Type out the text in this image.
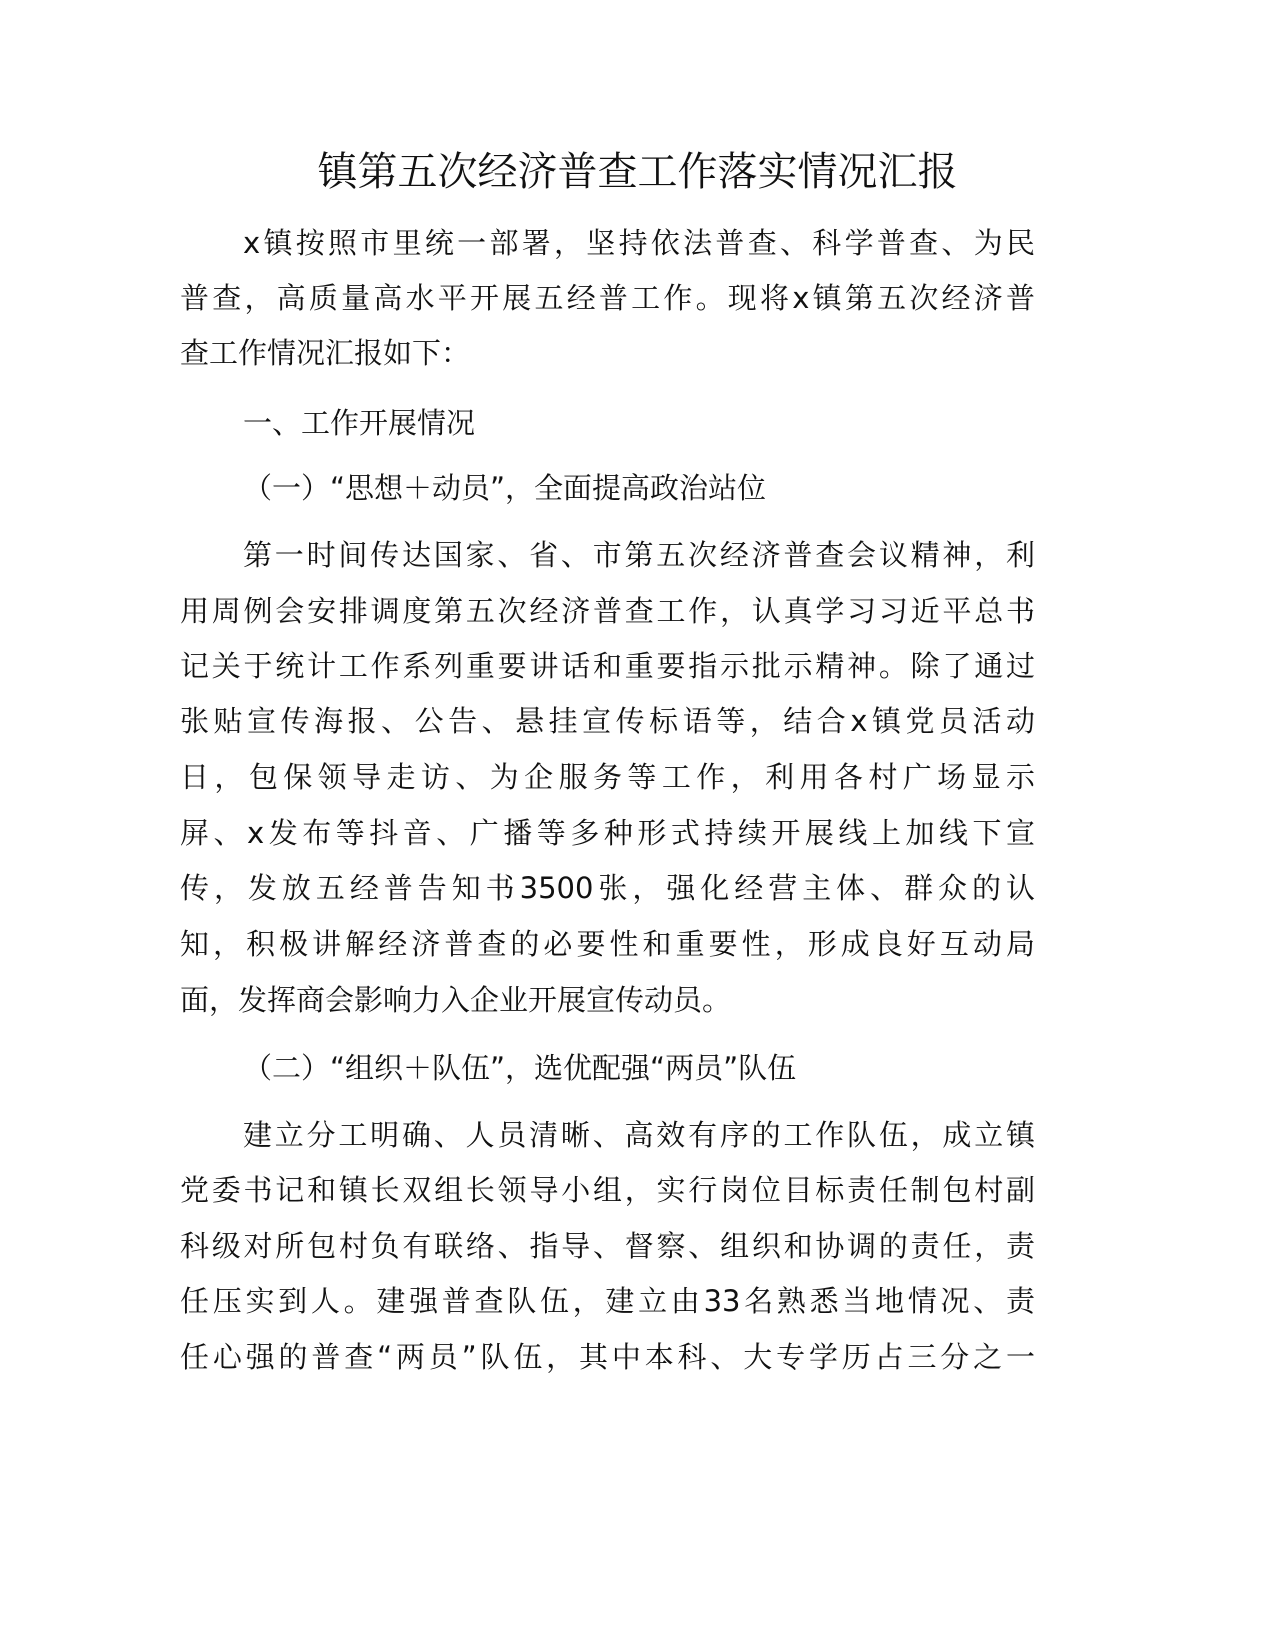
镇第五次经济普查工作落实情况汇报
x镇按照市里统一部署，坚持依法普查、科学普查、为民
普查，高质量高水平开展五经普工作。现将x镇第五次经济普
查工作情况汇报如下：
一、工作开展情况
（一）“思想＋动员”，全面提高政治站位
第一时间传达国家、省、市第五次经济普查会议精神，利
用周例会安排调度第五次经济普查工作，认真学习习近平总书
记关于统计工作系列重要讲话和重要指示批示精神。除了通过
张贴宣传海报、公告、悬挂宣传标语等，结合x镇党员活动
日，包保领导走访、为企服务等工作，利用各村广场显示
屏、x发布等抖音、广播等多种形式持续开展线上加线下宣
传，发放五经普告知书3500张，强化经营主体、群众的认
知，积极讲解经济普查的必要性和重要性，形成良好互动局
面，发挥商会影响力入企业开展宣传动员。
（二）“组织＋队伍”，选优配强“两员”队伍
建立分工明确、人员清晰、高效有序的工作队伍，成立镇
党委书记和镇长双组长领导小组，实行岗位目标责任制包村副
科级对所包村负有联络、指导、督察、组织和协调的责任，责
任压实到人。建强普查队伍，建立由33名熟悉当地情况、责
任心强的普查“两员”队伍，其中本科、大专学历占三分之一
